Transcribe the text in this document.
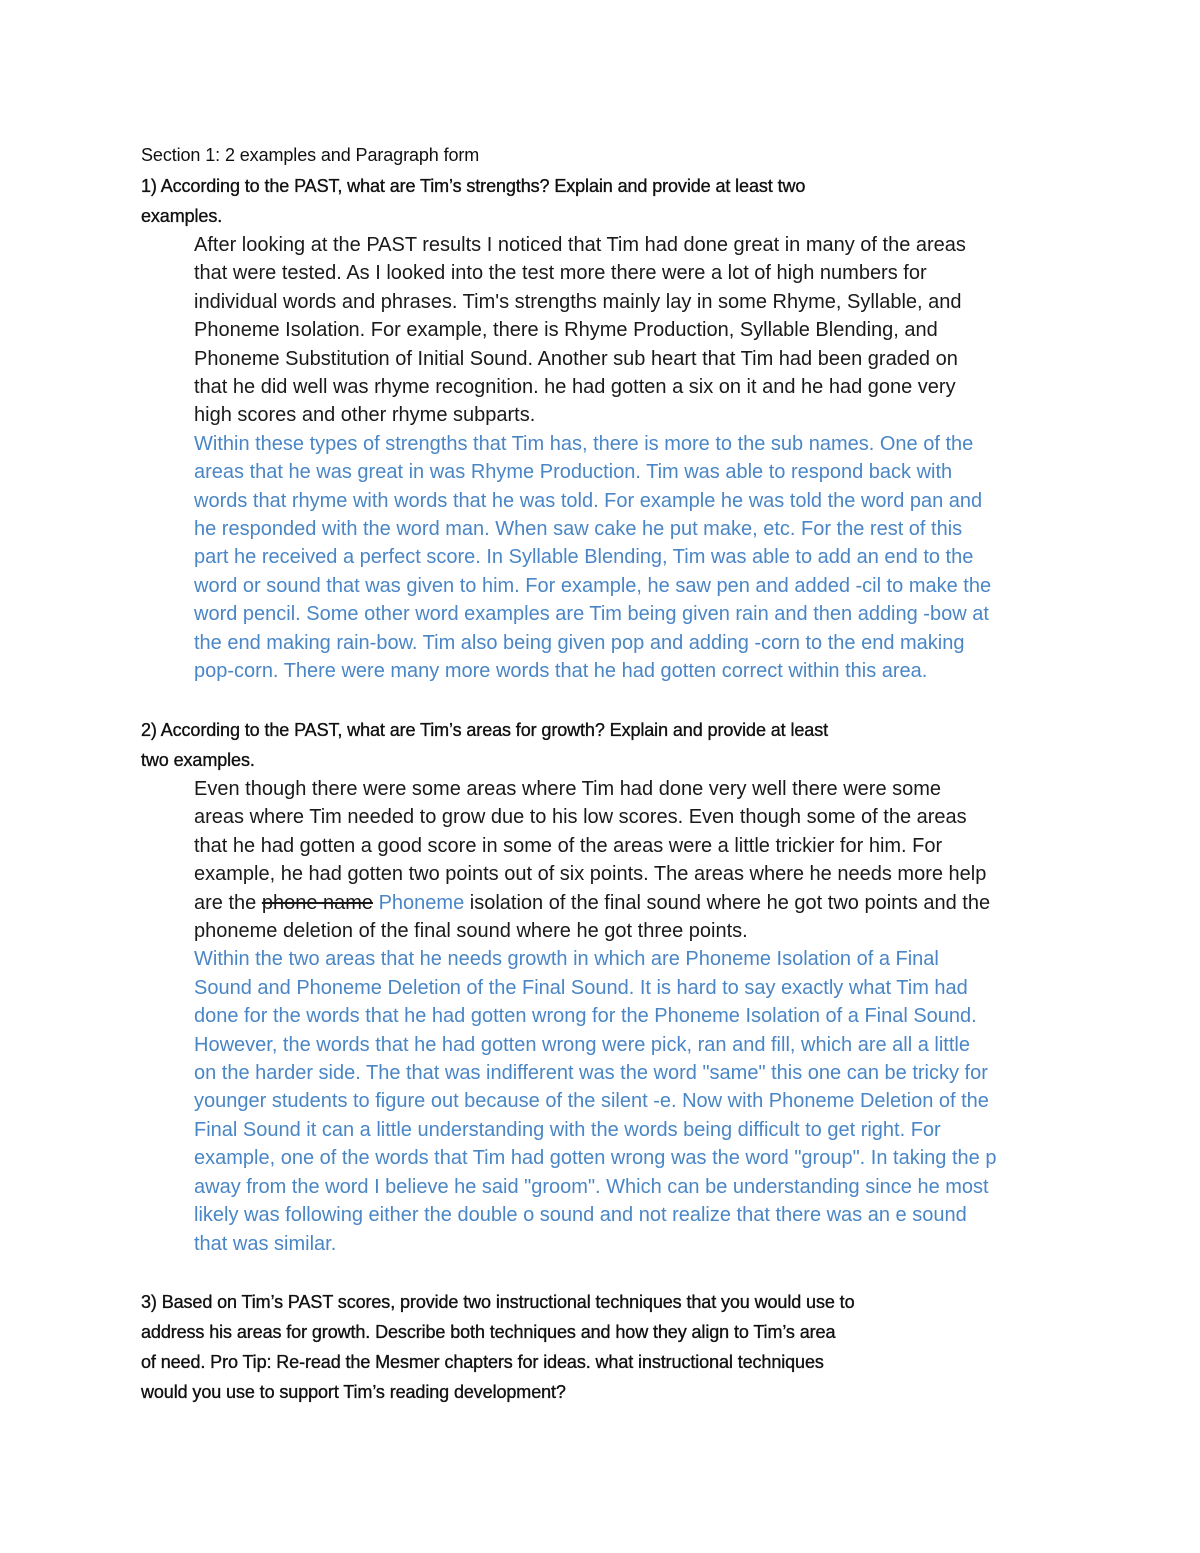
Section 1: 2 examples and Paragraph form
1) According to the PAST, what are Tim’s strengths? Explain and provide at least two
examples.
After looking at the PAST results I noticed that Tim had done great in many of the areas
that were tested. As I looked into the test more there were a lot of high numbers for
individual words and phrases. Tim's strengths mainly lay in some Rhyme, Syllable, and
Phoneme Isolation. For example, there is Rhyme Production, Syllable Blending, and
Phoneme Substitution of Initial Sound. Another sub heart that Tim had been graded on
that he did well was rhyme recognition. he had gotten a six on it and he had gone very
high scores and other rhyme subparts.
Within these types of strengths that Tim has, there is more to the sub names. One of the
areas that he was great in was Rhyme Production. Tim was able to respond back with
words that rhyme with words that he was told. For example he was told the word pan and
he responded with the word man. When saw cake he put make, etc. For the rest of this
part he received a perfect score. In Syllable Blending, Tim was able to add an end to the
word or sound that was given to him. For example, he saw pen and added -cil to make the
word pencil. Some other word examples are Tim being given rain and then adding -bow at
the end making rain-bow. Tim also being given pop and adding -corn to the end making
pop-corn. There were many more words that he had gotten correct within this area.
2) According to the PAST, what are Tim’s areas for growth? Explain and provide at least
two examples.
Even though there were some areas where Tim had done very well there were some
areas where Tim needed to grow due to his low scores. Even though some of the areas
that he had gotten a good score in some of the areas were a little trickier for him. For
example, he had gotten two points out of six points. The areas where he needs more help
are the phone name Phoneme isolation of the final sound where he got two points and the
phoneme deletion of the final sound where he got three points.
Within the two areas that he needs growth in which are Phoneme Isolation of a Final
Sound and Phoneme Deletion of the Final Sound. It is hard to say exactly what Tim had
done for the words that he had gotten wrong for the Phoneme Isolation of a Final Sound.
However, the words that he had gotten wrong were pick, ran and fill, which are all a little
on the harder side. The that was indifferent was the word "same" this one can be tricky for
younger students to figure out because of the silent -e. Now with Phoneme Deletion of the
Final Sound it can a little understanding with the words being difficult to get right. For
example, one of the words that Tim had gotten wrong was the word "group". In taking the p
away from the word I believe he said "groom". Which can be understanding since he most
likely was following either the double o sound and not realize that there was an e sound
that was similar.
3) Based on Tim’s PAST scores, provide two instructional techniques that you would use to
address his areas for growth. Describe both techniques and how they align to Tim’s area
of need. Pro Tip: Re-read the Mesmer chapters for ideas. what instructional techniques
would you use to support Tim’s reading development?
